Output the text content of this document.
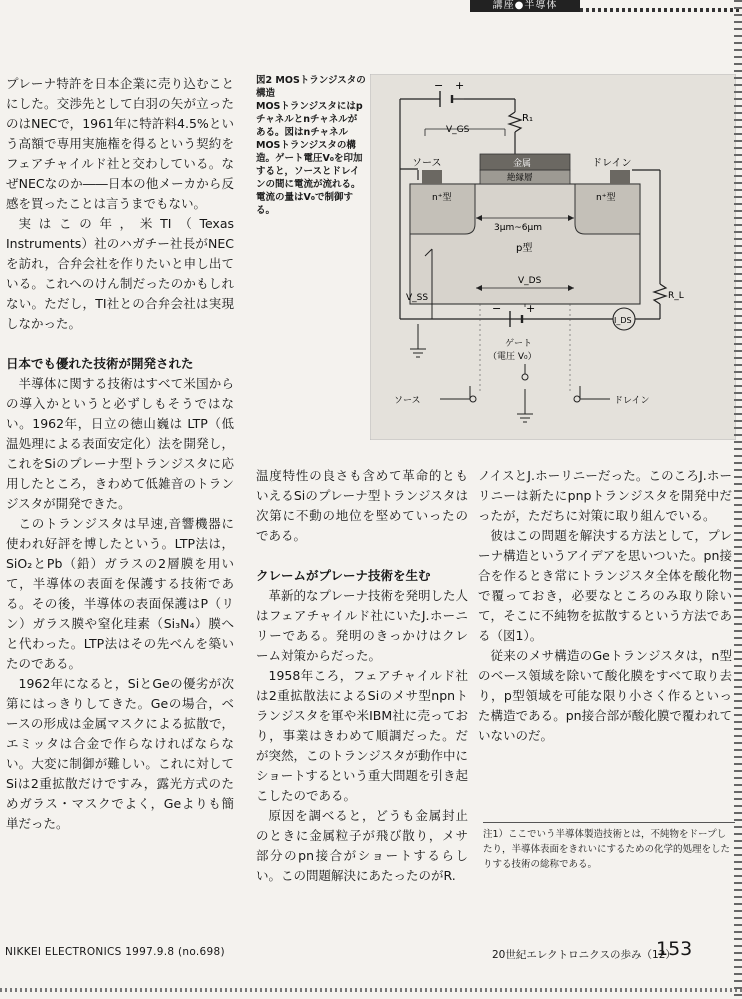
講座●半導体

プレーナ特許を日本企業に売り込むことにした。交渉先として白羽の矢が立ったのはNECで，1961年に特許料4.5%という高額で専用実施権を得るという契約をフェアチャイルド社と交わしている。なぜNECなのか――日本の他メーカから反感を買ったことは言うまでもない。

実はこの年，米TI（Texas Instruments）社のハガチー社長がNECを訪れ，合弁会社を作りたいと申し出ている。これへのけん制だったのかもしれない。ただし，TI社との合弁会社は実現しなかった。

日本でも優れた技術が開発された

半導体に関する技術はすべて米国からの導入かというと必ずしもそうではない。1962年，日立の徳山巍は LTP（低温処理による表面安定化）法を開発し，これをSiのプレーナ型トランジスタに応用したところ，きわめて低雑音のトランジスタが開発できた。

このトランジスタは早速,音響機器に使われ好評を博したという。LTP法は，SiO₂とPb（鉛）ガラスの2層膜を用いて，半導体の表面を保護する技術である。その後，半導体の表面保護はP（リン）ガラス膜や窒化珪素（Si₃N₄）膜へと代わった。LTP法はその先べんを築いたのである。

1962年になると，SiとGeの優劣が次第にはっきりしてきた。Geの場合，ベースの形成は金属マスクによる拡散で，エミッタは合金で作らなければならない。大変に制御が難しい。これに対してSiは2重拡散だけですみ，露光方式のためガラス・マスクでよく，Geよりも簡単だった。

図2 MOSトランジスタの構造
MOSトランジスタにはpチャネルとnチャネルがある。図はnチャネルMOSトランジスタの構造。ゲート電圧V₀を印加すると，ソースとドレインの間に電流が流れる。電流の量はV₀で制御する。
− +
R₁
V_GS
ソース	ドレイン
n⁺型	n⁺型
金属
絶縁層
3μm~6μm
p型
V_DS
V_SS	R_L
I_DS
− +
ゲート
（電圧 V₀）
ソース	ドレイン

温度特性の良さも含めて革命的ともいえるSiのプレーナ型トランジスタは次第に不動の地位を堅めていったのである。

クレームがプレーナ技術を生む

革新的なプレーナ技術を発明した人はフェアチャイルド社にいたJ.ホーニリーである。発明のきっかけはクレーム対策からだった。

1958年ころ，フェアチャイルド社は2重拡散法によるSiのメサ型npnトランジスタを軍や米IBM社に売っており，事業はきわめて順調だった。だが突然，このトランジスタが動作中にショートするという重大問題を引き起こしたのである。

原因を調べると，どうも金属封止のときに金属粒子が飛び散り，メサ部分のpn接合がショートするらしい。この問題解決にあたったのがR.

ノイスとJ.ホーリニーだった。このころJ.ホーリニーは新たにpnpトランジスタを開発中だったが，ただちに対策に取り組んでいる。

彼はこの問題を解決する方法として，プレーナ構造というアイデアを思いついた。pn接合を作るとき常にトランジスタ全体を酸化物で覆っておき，必要なところのみ取り除いて，そこに不純物を拡散するという方法である（図1）。

従来のメサ構造のGeトランジスタは，n型のベース領域を除いて酸化膜をすべて取り去り，p型領域を可能な限り小さく作るといった構造である。pn接合部が酸化膜で覆われていないのだ。

注1）ここでいう半導体製造技術とは，不純物をドープしたり，半導体表面をきれいにするための化学的処理をしたりする技術の総称である。
NIKKEI ELECTRONICS 1997.9.8 (no.698)	20世紀エレクトロニクスの歩み（12）
153
